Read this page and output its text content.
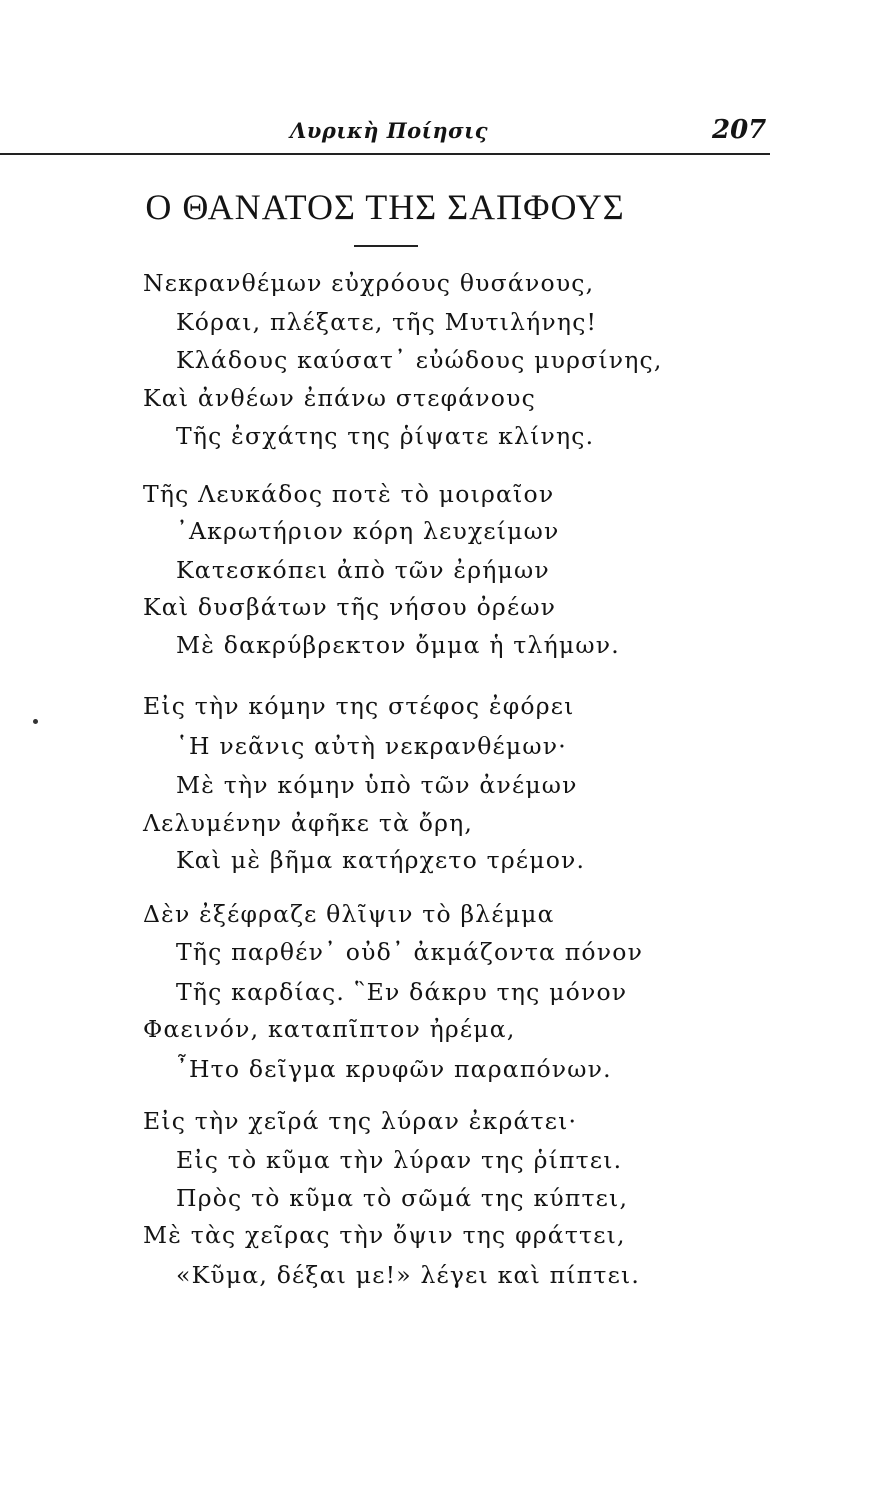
Λυρικὴ Ποίησις	207
Ο ΘΑΝΑΤΟΣ ΤΗΣ ΣΑΠΦΟΥΣ
Νεκρανθέμων εὐχρόους θυσάνους,
Κόραι, πλέξατε, τῆς Μυτιλήνης!
Κλάδους καύσατ᾽ εὐώδους μυρσίνης,
Καὶ ἀνθέων ἐπάνω στεφάνους
Τῆς ἐσχάτης της ῥίψατε κλίνης.
Τῆς Λευκάδος ποτὲ τὸ μοιραῖον
᾽Ακρωτήριον κόρη λευχείμων
Κατεσκόπει ἀπὸ τῶν ἐρήμων
Καὶ δυσβάτων τῆς νήσου ὀρέων
Μὲ δακρύβρεκτον ὄμμα ἡ τλήμων.
Εἰς τὴν κόμην της στέφος ἐφόρει
῾Η νεᾶνις αὐτὴ νεκρανθέμων·
Μὲ τὴν κόμην ὑπὸ τῶν ἀνέμων
Λελυμένην ἀφῆκε τὰ ὄρη,
Καὶ μὲ βῆμα κατήρχετο τρέμον.
Δὲν ἐξέφραζε θλῖψιν τὸ βλέμμα
Τῆς παρθέν᾽ οὐδ᾽ ἀκμάζοντα πόνον
Τῆς καρδίας. ῝Εν δάκρυ της μόνον
Φαεινόν, καταπῖπτον ἠρέμα,
῏Ητο δεῖγμα κρυφῶν παραπόνων.
Εἰς τὴν χεῖρά της λύραν ἐκράτει·
Εἰς τὸ κῦμα τὴν λύραν της ῥίπτει.
Πρὸς τὸ κῦμα τὸ σῶμά της κύπτει,
Μὲ τὰς χεῖρας τὴν ὄψιν της φράττει,
«Κῦμα, δέξαι με!» λέγει καὶ πίπτει.
